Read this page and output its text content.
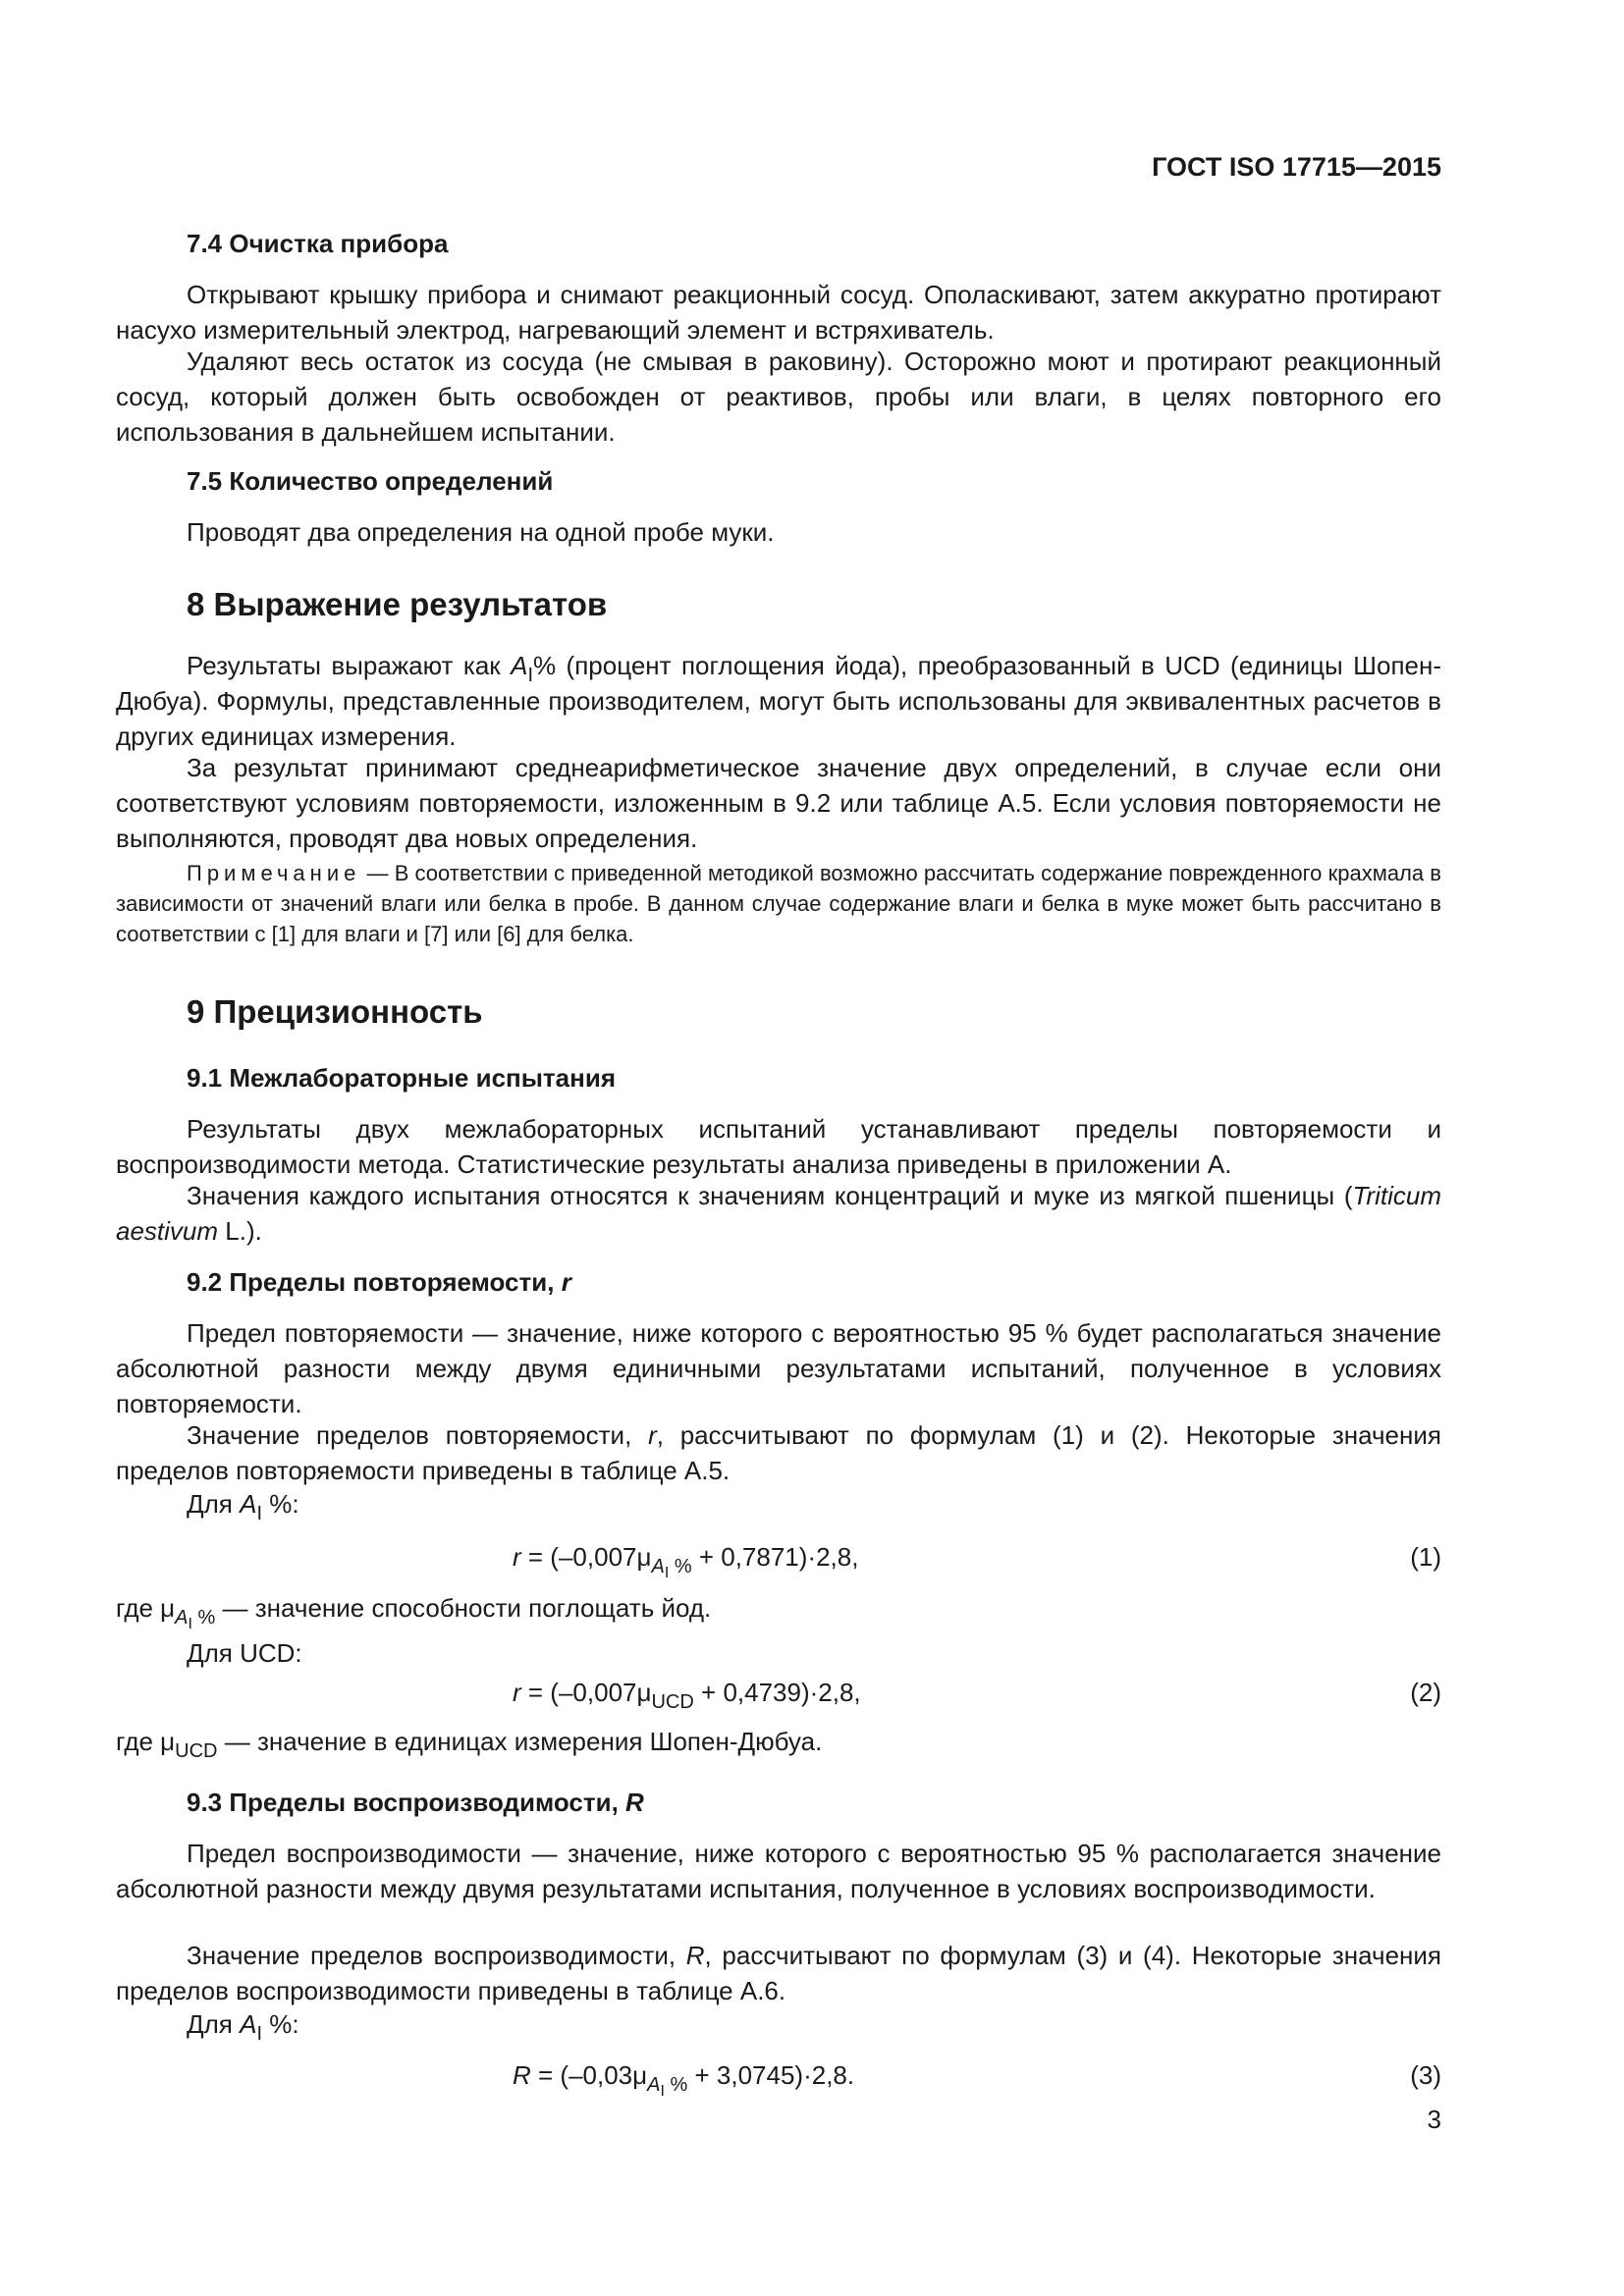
ГОСТ ISO 17715—2015
7.4 Очистка прибора
Открывают крышку прибора и снимают реакционный сосуд. Ополаскивают, затем аккуратно протирают насухо измерительный электрод, нагревающий элемент и встряхиватель.
Удаляют весь остаток из сосуда (не смывая в раковину). Осторожно моют и протирают реакционный сосуд, который должен быть освобожден от реактивов, пробы или влаги, в целях повторного его использования в дальнейшем испытании.
7.5 Количество определений
Проводят два определения на одной пробе муки.
8 Выражение результатов
Результаты выражают как $A_I\%$ (процент поглощения йода), преобразованный в UCD (единицы Шопен-Дюбуа). Формулы, представленные производителем, могут быть использованы для эквивалентных расчетов в других единицах измерения.
За результат принимают среднеарифметическое значение двух определений, в случае если они соответствуют условиям повторяемости, изложенным в 9.2 или таблице А.5. Если условия повторяемости не выполняются, проводят два новых определения.
Примечание — В соответствии с приведенной методикой возможно рассчитать содержание поврежденного крахмала в зависимости от значений влаги или белка в пробе. В данном случае содержание влаги и белка в муке может быть рассчитано в соответствии с [1] для влаги и [7] или [6] для белка.
9 Прецизионность
9.1 Межлабораторные испытания
Результаты двух межлабораторных испытаний устанавливают пределы повторяемости и воспроизводимости метода. Статистические результаты анализа приведены в приложении А.
Значения каждого испытания относятся к значениям концентраций и муке из мягкой пшеницы (Triticum aestivum L.).
9.2 Пределы повторяемости, r
Предел повторяемости — значение, ниже которого с вероятностью 95 % будет располагаться значение абсолютной разности между двумя единичными результатами испытаний, полученное в условиях повторяемости.
Значение пределов повторяемости, r, рассчитывают по формулам (1) и (2). Некоторые значения пределов повторяемости приведены в таблице А.5.
Для $A_I$ %:
$r = (-0,007\mu_{A_I \%} + 0,7871)\cdot 2,8$,	(1)
где $\mu_{A_I \%}$ — значение способности поглощать йод.
Для UCD:
$r = (-0,007\mu_{UCD} + 0,4739)\cdot 2,8$,	(2)
где $\mu_{UCD}$ — значение в единицах измерения Шопен-Дюбуа.
9.3 Пределы воспроизводимости, R
Предел воспроизводимости — значение, ниже которого с вероятностью 95 % располагается значение абсолютной разности между двумя результатами испытания, полученное в условиях воспроизводимости.
Значение пределов воспроизводимости, R, рассчитывают по формулам (3) и (4). Некоторые значения пределов воспроизводимости приведены в таблице А.6.
Для $A_I$ %:
$R = (-0,03\mu_{A_I \%} + 3,0745)\cdot 2,8$.	(3)
3
